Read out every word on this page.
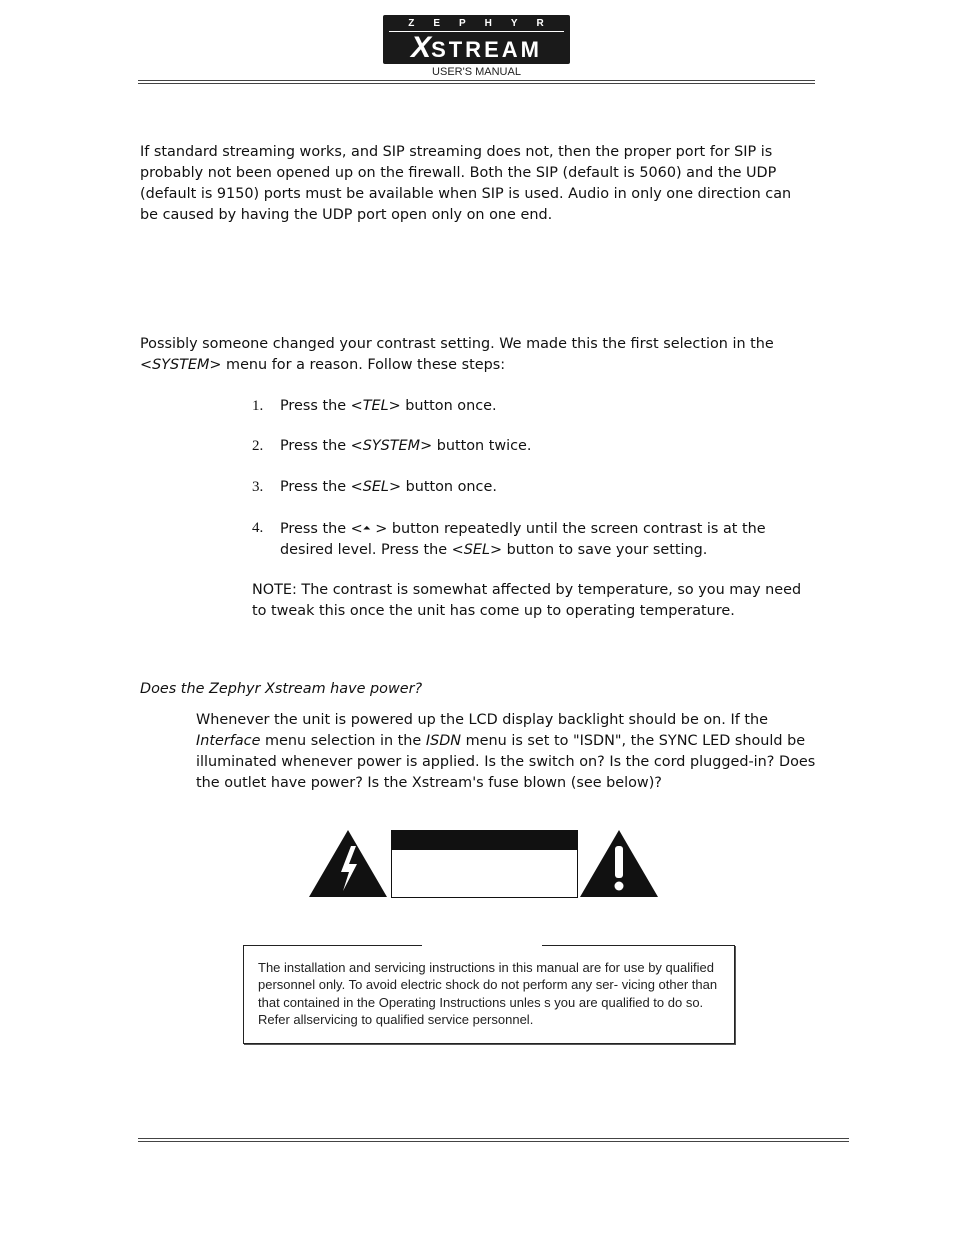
ZEPHYR
XSTREAM
USER'S MANUAL
If standard streaming works, and SIP streaming does not, then the proper port for SIP is probably not been opened up on the firewall. Both the SIP (default is 5060) and the UDP (default is 9150) ports must be available when SIP is used. Audio in only one direction can be caused by having the UDP port open only on one end.
Possibly someone changed your contrast setting. We made this the first selection in the <SYSTEM> menu for a reason. Follow these steps:
1. Press the <TEL> button once.
2. Press the <SYSTEM> button twice.
3. Press the <SEL> button once.
4. Press the <⏶ > button repeatedly until the screen contrast is at the desired level. Press the <SEL> button to save your setting.
NOTE: The contrast is somewhat affected by temperature, so you may need to tweak this once the unit has come up to operating temperature.
Does the Zephyr Xstream have power?
Whenever the unit is powered up the LCD display backlight should be on. If the Interface menu selection in the ISDN menu is set to "ISDN", the SYNC LED should be illuminated whenever power is applied. Is the switch on? Is the cord plugged-in? Does the outlet have power? Is the Xstream's fuse blown (see below)?
The installation and servicing instructions in this manual are for use by qualified personnel only. To avoid electric shock do not perform any ser- vicing other than that contained in the Operating Instructions unles s you are qualified to do so. Refer allservicing to qualified service personnel.
